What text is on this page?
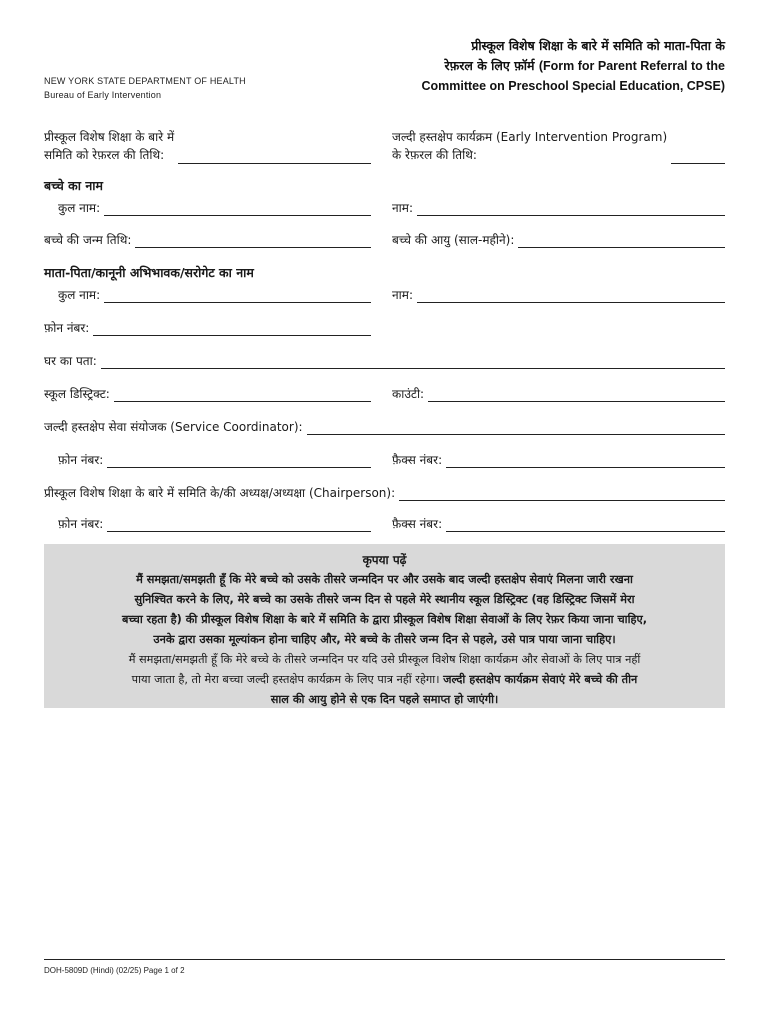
NEW YORK STATE DEPARTMENT OF HEALTH
Bureau of Early Intervention
प्रीस्कूल विशेष शिक्षा के बारे में समिति को माता-पिता के
रेफ़रल के लिए फ़ॉर्म (Form for Parent Referral to the
Committee on Preschool Special Education, CPSE)
प्रीस्कूल विशेष शिक्षा के बारे में
समिति को रेफ़रल की तिथि:
जल्दी हस्तक्षेप कार्यक्रम (Early Intervention Program)
के रेफ़रल की तिथि:
बच्चे का नाम
कुल नाम:	नाम:
बच्चे की जन्म तिथि:	बच्चे की आयु (साल-महीने):
माता-पिता/कानूनी अभिभावक/सरोगेट का नाम
कुल नाम:	नाम:
फ़ोन नंबर:
घर का पता:
स्कूल डिस्ट्रिक्ट:	काउंटी:
जल्दी हस्तक्षेप सेवा संयोजक (Service Coordinator):
फ़ोन नंबर:	फ़ैक्स नंबर:
प्रीस्कूल विशेष शिक्षा के बारे में समिति के/की अध्यक्ष/अध्यक्षा (Chairperson):
फ़ोन नंबर:	फ़ैक्स नंबर:
कृपया पढ़ें
मैं समझता/समझती हूँ कि मेरे बच्चे को उसके तीसरे जन्मदिन पर और उसके बाद जल्दी हस्तक्षेप सेवाएं मिलना जारी रखना
सुनिश्चित करने के लिए, मेरे बच्चे का उसके तीसरे जन्म दिन से पहले मेरे स्थानीय स्कूल डिस्ट्रिक्ट (वह डिस्ट्रिक्ट जिसमें मेरा
बच्चा रहता है) की प्रीस्कूल विशेष शिक्षा के बारे में समिति के द्वारा प्रीस्कूल विशेष शिक्षा सेवाओं के लिए रेफ़र किया जाना चाहिए,
उनके द्वारा उसका मूल्यांकन होना चाहिए और, मेरे बच्चे के तीसरे जन्म दिन से पहले, उसे पात्र पाया जाना चाहिए।
मैं समझता/समझती हूँ कि मेरे बच्चे के तीसरे जन्मदिन पर यदि उसे प्रीस्कूल विशेष शिक्षा कार्यक्रम और सेवाओं के लिए पात्र नहीं
पाया जाता है, तो मेरा बच्चा जल्दी हस्तक्षेप कार्यक्रम के लिए पात्र नहीं रहेगा। जल्दी हस्तक्षेप कार्यक्रम सेवाएं मेरे बच्चे की तीन
साल की आयु होने से एक दिन पहले समाप्त हो जाएंगी।
DOH-5809D (Hindi) (02/25) Page 1 of 2
